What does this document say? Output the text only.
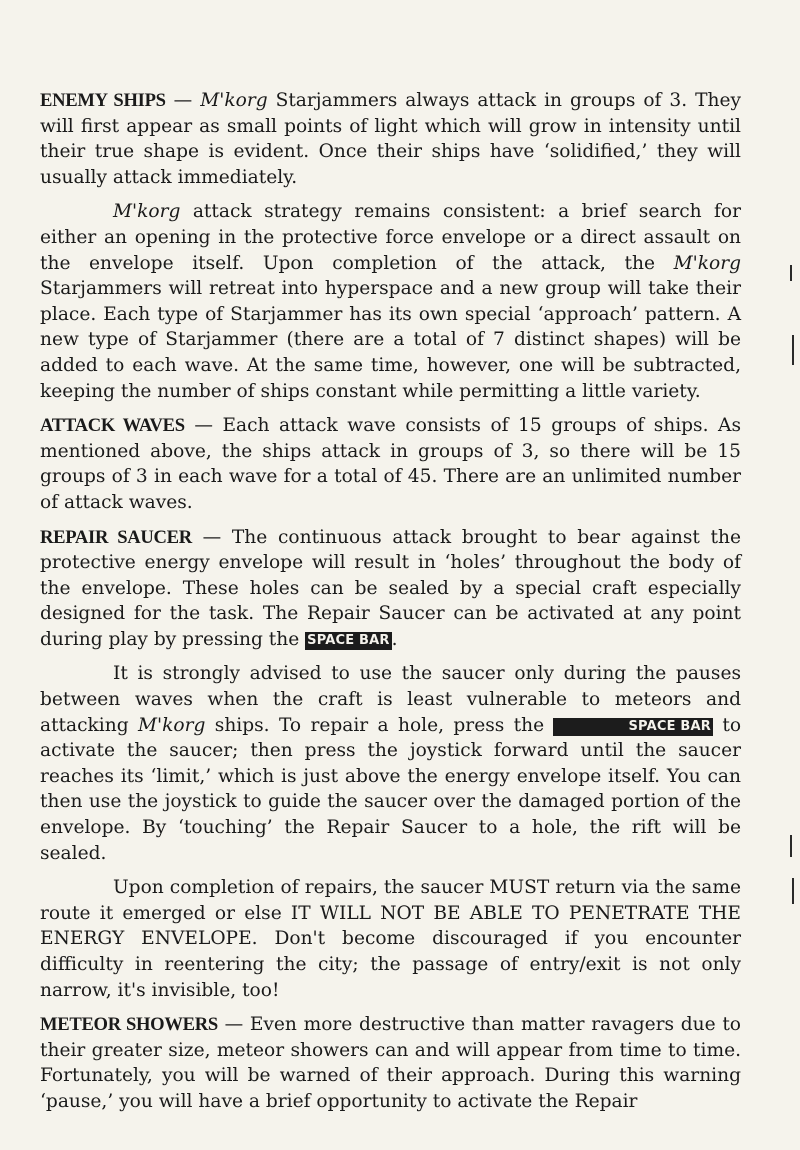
ENEMY SHIPS — M'korg Starjammers always attack in groups of 3. They will first appear as small points of light which will grow in intensity until their true shape is evident. Once their ships have ‘solidified,’ they will usually attack immediately.

M'korg attack strategy remains consistent: a brief search for either an opening in the protective force envelope or a direct assault on the envelope itself. Upon completion of the attack, the M'korg Starjammers will retreat into hyperspace and a new group will take their place. Each type of Starjammer has its own special ‘approach’ pattern. A new type of Starjammer (there are a total of 7 distinct shapes) will be added to each wave. At the same time, however, one will be subtracted, keeping the number of ships constant while permitting a little variety.

ATTACK WAVES — Each attack wave consists of 15 groups of ships. As mentioned above, the ships attack in groups of 3, so there will be 15 groups of 3 in each wave for a total of 45. There are an unlimited number of attack waves.

REPAIR SAUCER — The continuous attack brought to bear against the protective energy envelope will result in ‘holes’ throughout the body of the envelope. These holes can be sealed by a special craft especially designed for the task. The Repair Saucer can be activated at any point during play by pressing the SPACE BAR .

It is strongly advised to use the saucer only during the pauses between waves when the craft is least vulnerable to meteors and attacking M'korg ships. To repair a hole, press the	SPACE BAR to activate the saucer; then press the joystick forward until the saucer reaches its ‘limit,’ which is just above the energy envelope itself. You can then use the joystick to guide the saucer over the damaged portion of the envelope. By ‘touching’ the Repair Saucer to a hole, the rift will be sealed.

Upon completion of repairs, the saucer MUST return via the same route it emerged or else IT WILL NOT BE ABLE TO PENETRATE THE ENERGY ENVELOPE. Don't become discouraged if you encounter difficulty in reentering the city; the passage of entry/exit is not only narrow, it's invisible, too!

METEOR SHOWERS — Even more destructive than matter ravagers due to their greater size, meteor showers can and will appear from time to time. Fortunately, you will be warned of their approach. During this warning ‘pause,’ you will have a brief opportunity to activate the Repair
